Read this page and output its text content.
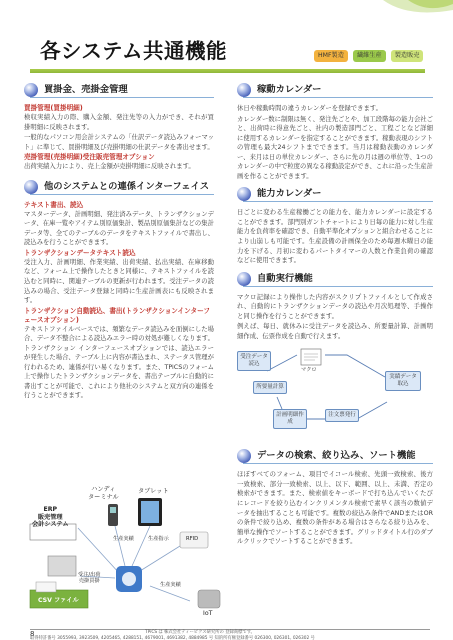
各システム共通機能	HMF製造	繊維生産	製造販売
買掛金、売掛金管理
買掛管理(買掛明細)

検収実績入力の際、購入金額、発注先等の入力ができ、それが買掛明細に反映されます。

一般的なパソコン用会計システムの「仕訳データ読込みフォーマット」に準じて、買掛明細及び売掛明細の仕訳データを書出せます。

売掛管理(売掛明細)受注販売管理オプション

出荷実績入力により、売上金額が売掛明細に反映されます。

他のシステムとの連係インターフェイス
テキスト書出、読込

マスターデータ、計画明細、発注済みデータ、トランザクションデータ、在庫一覧やアイテム別原価集計、製品別原価集計などの集計データ等、全てのテーブルのデータをテキストファイルで書出し、読込みを行うことができます。

トランザクションデータテキスト読込

受注入力、計画明細、作業実績、出荷実績、払出実績、在庫移動など、フォーム上で操作したときと同様に、テキストファイルを読込むと同時に、関連テーブルの更新が行われます。受注データの読込みの場合、受注データ登録と同時に生産計画表にも反映されます。

トランザクション自動読込、書出(トランザクションインターフェースオプション)

テキストファイルベースでは、頻繁なデータ読込みを面倒にした場合、データ不整合による読込みエラー時の対処が難しくなります。トランザクション インターフェースオプションでは、読込エラーが発生した場合、テーブル上に内容が書込まれ、ステータス管理が行われるため、連係が行い易くなります。また、TPiCSのフォーム上で操作したトランザクションデータを、書出テーブルに自動的に書出すことが可能で、これにより他社のシステムと双方向の連係を行うことができます。

ERP
販売管理
会計システム
ハンディ
ターミナル
タブレット
生産実績	生産指示
受注/出荷
売掛買掛
CSV ファイル
生産実績
RFID
IoT
稼動カレンダー

休日や稼動時間の違うカレンダーを登録できます。

カレンダー数に制限は無く、発注先ごとや、加工段階毎の能力会社ごと、出荷時に得意先ごと、社内の製造部門ごと、工程ごとなど詳細に使用するカレンダーを指定することができます。稼動表現のシフトの管理も最大24シフトまでできます。当月は稼動表動のカレンダー、来月は日の単位カレンダー、さらに先の月は週の単位等、1つのカレンダーの中で粒度の異なる稼動設定ができ、これに沿った生産計画を作ることができます。

能力カレンダー

日ごとに変わる生産稼働ごとの能力を、能力カレンダーに設定することができます。部門別ガントチャートにより日毎の能力に対し生産能力を負荷率を確認でき、自動平準化オプションと組合わせることにより山崩しも可能です。生産設備の計画保全のため毎週木曜日の能力を下げる、月初に変わるパートタイマーの人数と作業負荷の確認などに使用できます。

自動実行機能

マクロ記録により操作した内容がスクリプトファイルとして作成され、自動的にトランザクションデータの読込や月次処理等、手操作と同じ操作を行うことができます。

例えば、毎日、就休みに受注データを読込み、所要量計算、計画明細作成、伝票作成を自動で行えます。

マクロ
受注データ読込
所要量計算
計画明細作成
注文票発行
実績データ取込
データの検索、絞り込み、ソート機能

ほぼすべてのフォーム、項目でイコール検索、先頭一致検索、後方一致検索、部分一致検索、以上、以下、範囲、以上、未満、否定の検索ができます。また、検索値をキーボードで打ち込んでいくたびにレコードを絞り込むインクリメンタル検索で素早く該当の数値データを抽出することも可能です。複数の絞込み条件でANDまたはORの条件で絞り込め、複数の条件がある場合はさらなる絞り込みを、簡単な操作でソートすることができます。グリッドタイトル行のダブルクリックでソートすることができます。

8	TPiCS は 株式会社ティーピクス研究所の 登録商標です。
取得特許番号 3055993, 3923509, 4205465, 4288151, 4679001, 4691382, 4884985 号 知的所有権登録番号 026300, 026301, 026302 号
